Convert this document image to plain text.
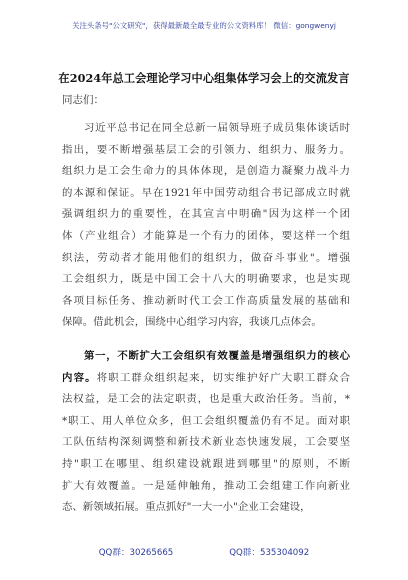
关注头条号"公文研究"，获得最新最全最专业的公文资料库！ 微信：gongwenyj
在2024年总工会理论学习中心组集体学习会上的交流发言
同志们：
习近平总书记在同全总新一届领导班子成员集体谈话时
指出，要不断增强基层工会的引领力、组织力、服务力。
组织力是工会生命力的具体体现，是创造力凝聚力战斗力
的本源和保证。早在1921年中国劳动组合书记部成立时就
强调组织力的重要性，在其宣言中明确"因为这样一个团
体（产业组合）才能算是一个有力的团体，要这样一个组
织法，劳动者才能用他们的组织力，做奋斗事业"。增强
工会组织力，既是中国工会十八大的明确要求，也是实现
各项目标任务、推动新时代工会工作高质量发展的基础和
保障。借此机会，围绕中心组学习内容，我谈几点体会。
第一，不断扩大工会组织有效覆盖是增强组织力的核心
内容。将职工群众组织起来，切实维护好广大职工群众合
法权益，是工会的法定职责，也是重大政治任务。当前，*
*职工、用人单位众多，但工会组织覆盖仍有不足。面对职
工队伍结构深刻调整和新技术新业态快速发展，工会要坚
持"职工在哪里、组织建设就跟进到哪里"的原则，不断
扩大有效覆盖。一是延伸触角，推动工会组建工作向新业
态、新领域拓展。重点抓好"一大一小"企业工会建设，
QQ群：30265665	QQ群：535304092
